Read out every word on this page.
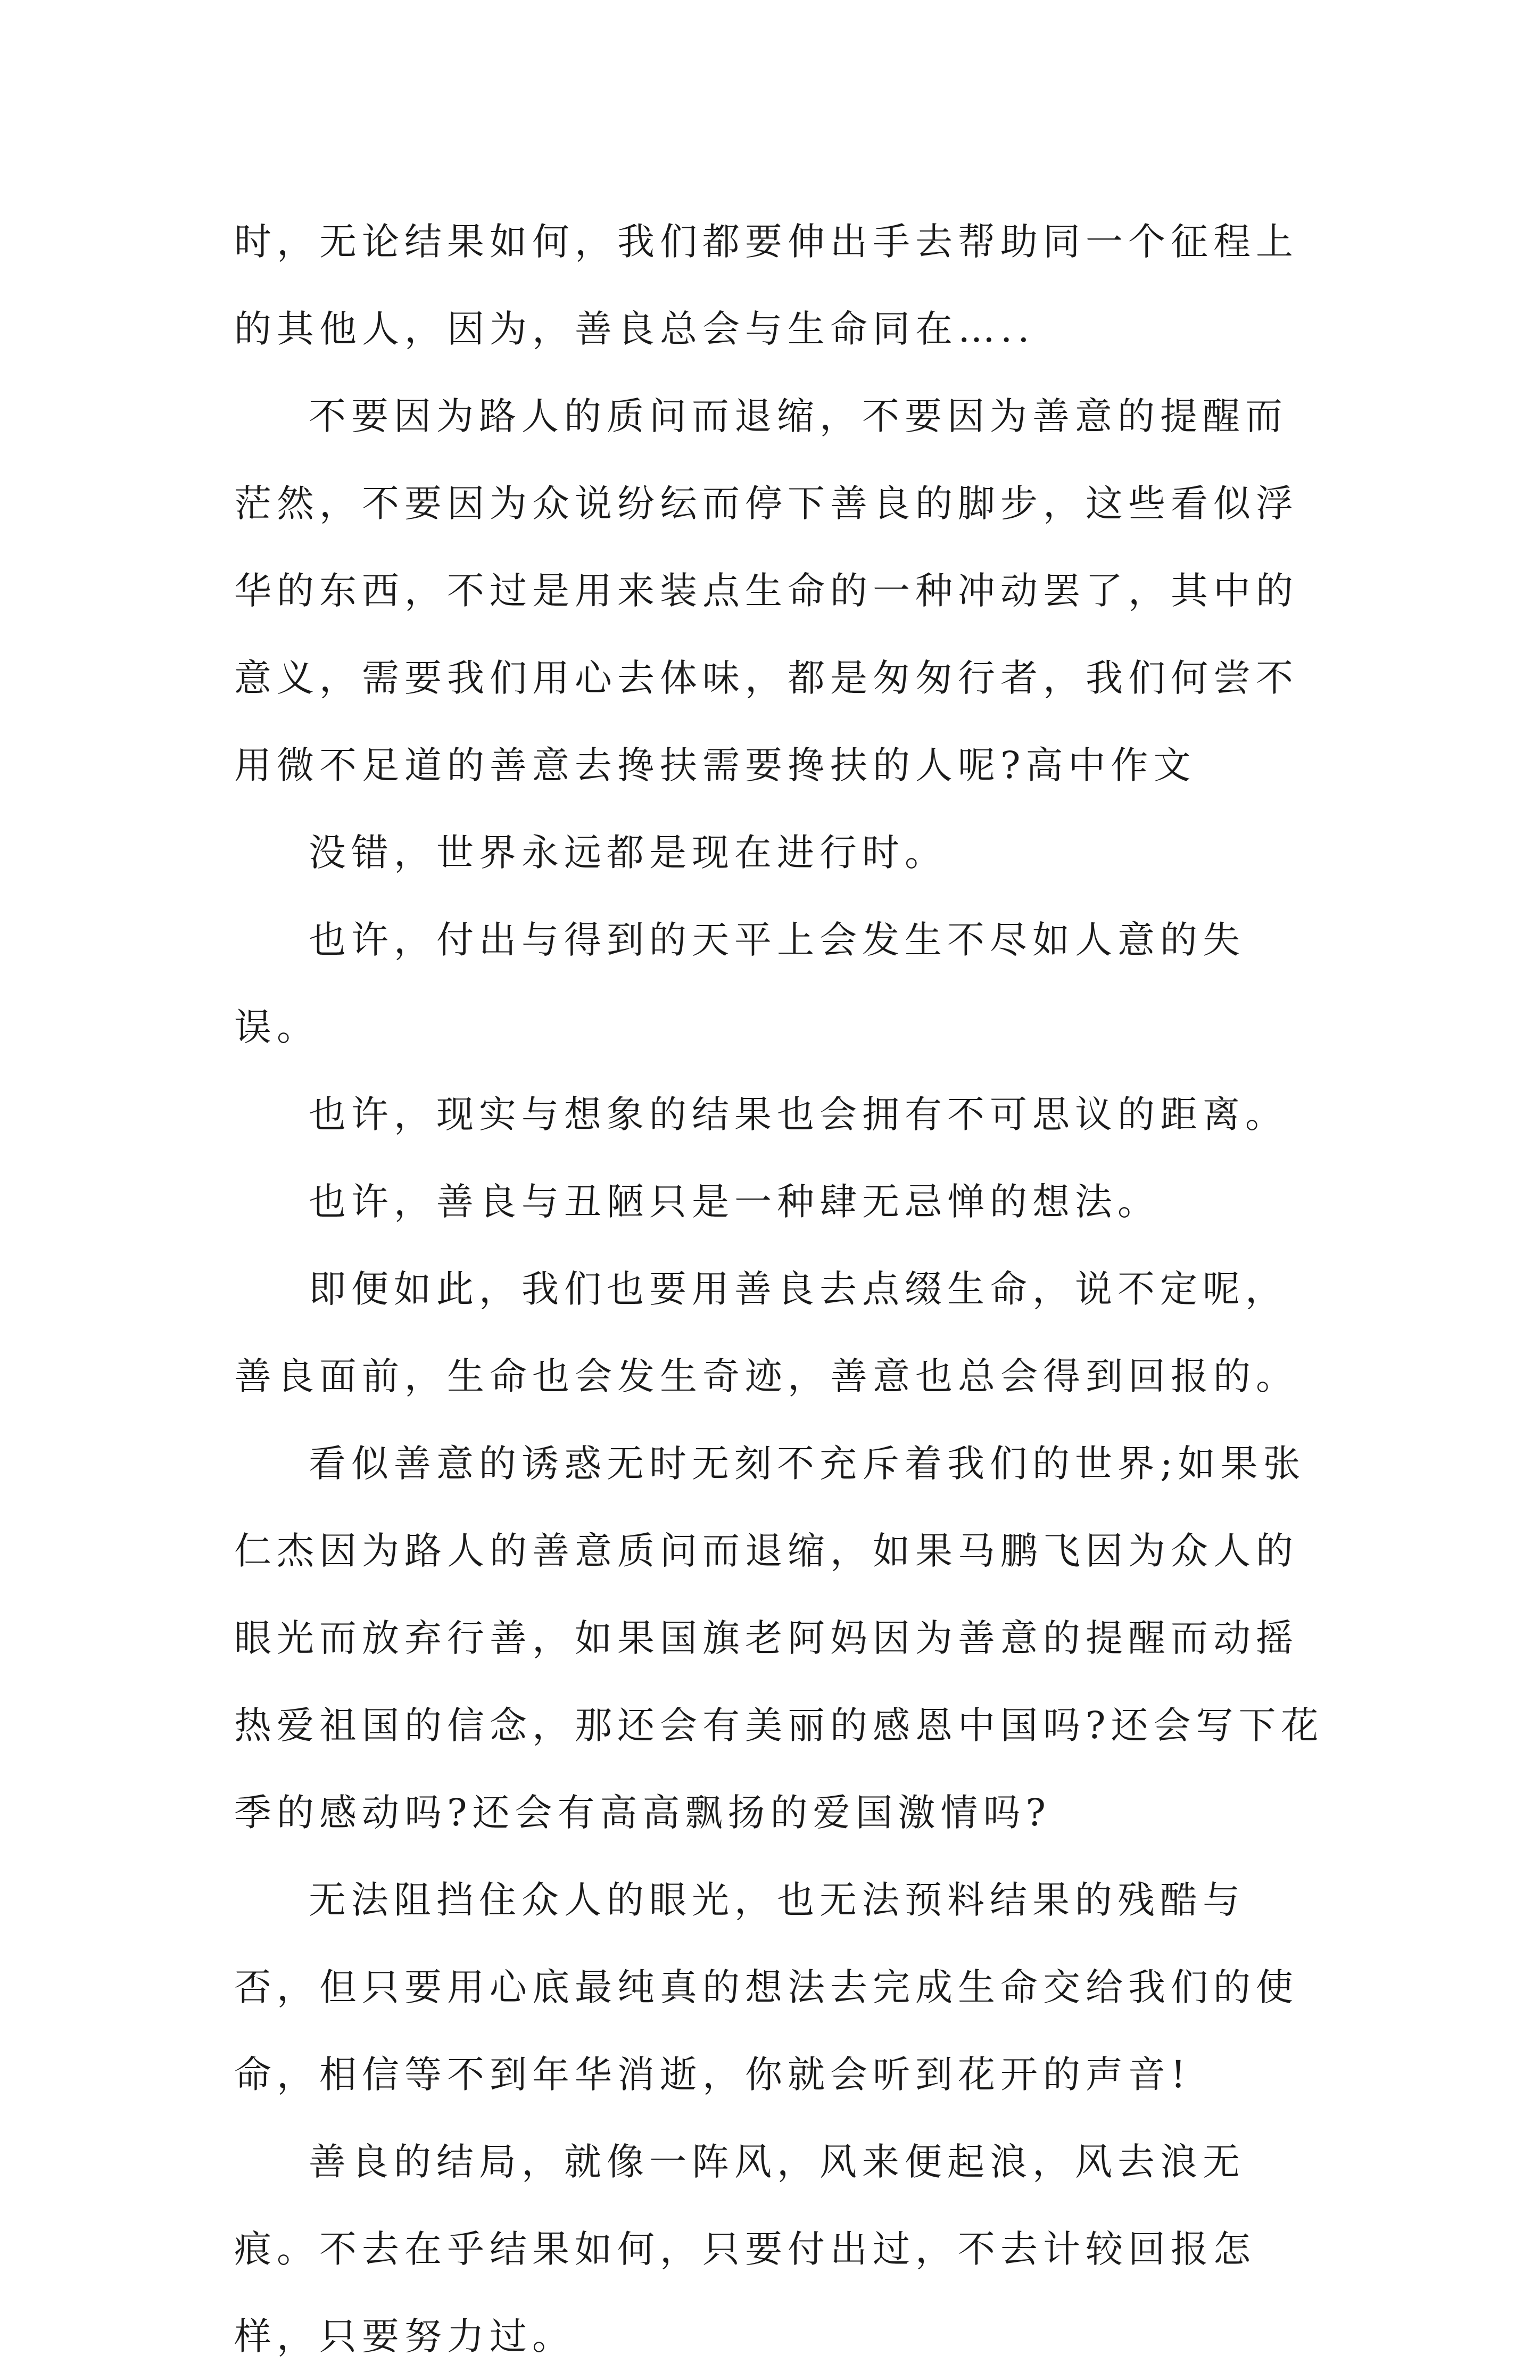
时，无论结果如何，我们都要伸出手去帮助同一个征程上的其他人，因为，善良总会与生命同在…..

不要因为路人的质问而退缩，不要因为善意的提醒而茫然，不要因为众说纷纭而停下善良的脚步，这些看似浮华的东西，不过是用来装点生命的一种冲动罢了，其中的意义，需要我们用心去体味，都是匆匆行者，我们何尝不用微不足道的善意去搀扶需要搀扶的人呢?高中作文

没错，世界永远都是现在进行时。

也许，付出与得到的天平上会发生不尽如人意的失误。

也许，现实与想象的结果也会拥有不可思议的距离。

也许，善良与丑陋只是一种肆无忌惮的想法。

即便如此，我们也要用善良去点缀生命，说不定呢，善良面前，生命也会发生奇迹，善意也总会得到回报的。

看似善意的诱惑无时无刻不充斥着我们的世界;如果张仁杰因为路人的善意质问而退缩，如果马鹏飞因为众人的眼光而放弃行善，如果国旗老阿妈因为善意的提醒而动摇热爱祖国的信念，那还会有美丽的感恩中国吗?还会写下花季的感动吗?还会有高高飘扬的爱国激情吗?

无法阻挡住众人的眼光，也无法预料结果的残酷与否，但只要用心底最纯真的想法去完成生命交给我们的使命，相信等不到年华消逝，你就会听到花开的声音!

善良的结局，就像一阵风，风来便起浪，风去浪无痕。不去在乎结果如何，只要付出过，不去计较回报怎样，只要努力过。
